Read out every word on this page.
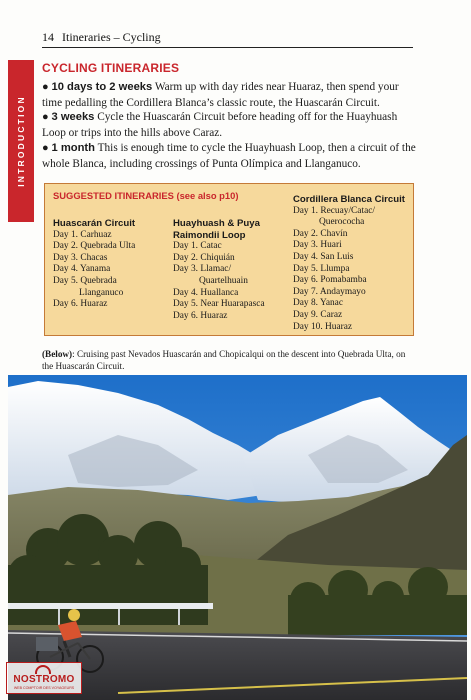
14 Itineraries – Cycling
INTRODUCTION
CYCLING ITINERARIES
● 10 days to 2 weeks Warm up with day rides near Huaraz, then spend your time pedalling the Cordillera Blanca’s classic route, the Huascarán Circuit.
● 3 weeks Cycle the Huascarán Circuit before heading off for the Huayhuash Loop or trips into the hills above Caraz.
● 1 month This is enough time to cycle the Huayhuash Loop, then a circuit of the whole Blanca, including crossings of Punta Olímpica and Llanganuco.
SUGGESTED ITINERARIES (see also p10)
Huascarán Circuit
Day 1. Carhuaz
Day 2. Quebrada Ulta
Day 3. Chacas
Day 4. Yanama
Day 5. Quebrada
Llanganuco
Day 6. Huaraz
Huayhuash & Puya
Raimondii Loop
Day 1. Catac
Day 2. Chiquián
Day 3. Llamac/
Quartelhuain
Day 4. Huallanca
Day 5. Near Huarapasca
Day 6. Huaraz
Cordillera Blanca Circuit
Day 1. Recuay/Catac/
Querococha
Day 2. Chavín
Day 3. Huari
Day 4. San Luis
Day 5. Llumpa
Day 6. Pomabamba
Day 7. Andaymayo
Day 8. Yanac
Day 9. Caraz
Day 10. Huaraz
(Below): Cruising past Nevados Huascarán and Chopicalqui on the descent into Quebrada Ulta, on the Huascarán Circuit.
NOSTROMO
WEB COMPTOIR DES VOYAGEURS
